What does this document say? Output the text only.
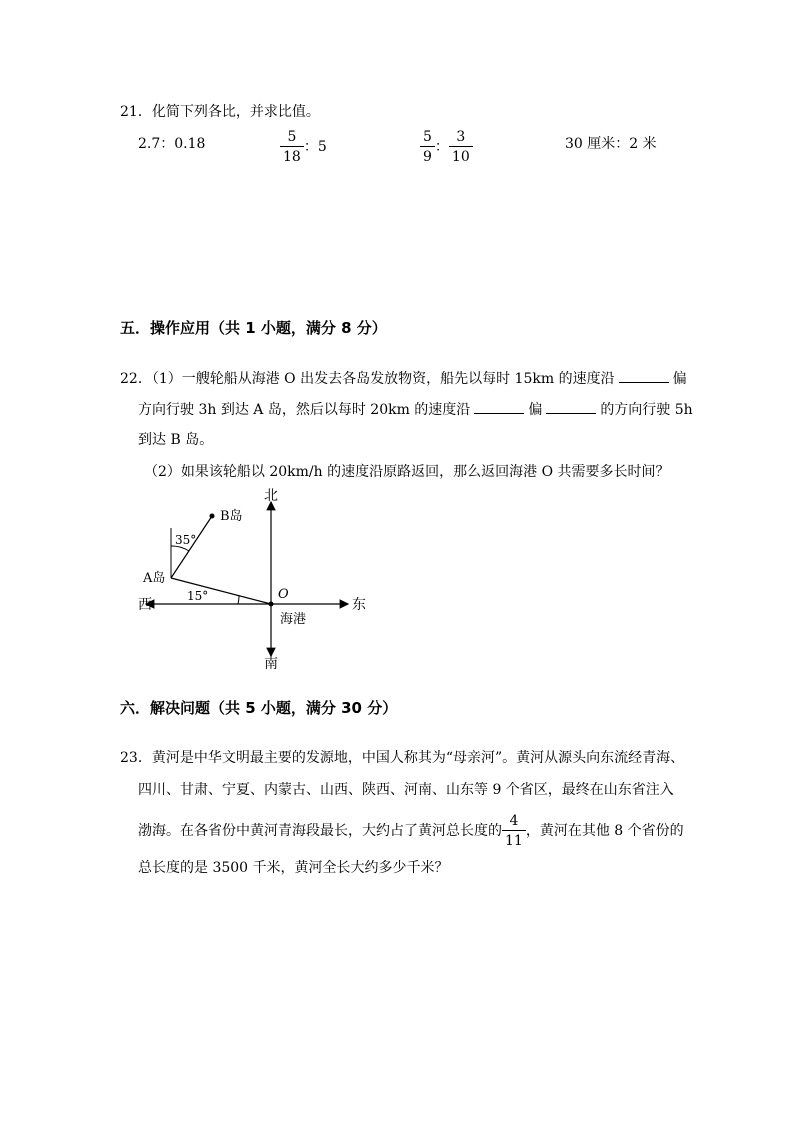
21．化简下列各比，并求比值。
2.7：0.18	$\frac{5}{18}$ ：5	$\frac{5}{9}$ ： $\frac{3}{10}$	30 厘米：2 米
五．操作应用（共 1 小题，满分 8 分）
22．（1）一艘轮船从海港 O 出发去各岛发放物资，船先以每时 15km 的速度沿	偏
方向行驶 3h 到达 A 岛，然后以每时 20km 的速度沿	偏	的方向行驶 5h
到达 B 岛。
（2）如果该轮船以 20km/h 的速度沿原路返回，那么返回海港 O 共需要多长时间？
北
南
东
西
O
海港
A岛
B岛
35°
15°
六．解决问题（共 5 小题，满分 30 分）
23．黄河是中华文明最主要的发源地，中国人称其为“母亲河”。黄河从源头向东流经青海、
四川、甘肃、宁夏、内蒙古、山西、陕西、河南、山东等 9 个省区，最终在山东省注入
渤海。在各省份中黄河青海段最长，大约占了黄河总长度的 $\frac{4}{11}$ ，黄河在其他 8 个省份的
总长度的是 3500 千米，黄河全长大约多少千米？
